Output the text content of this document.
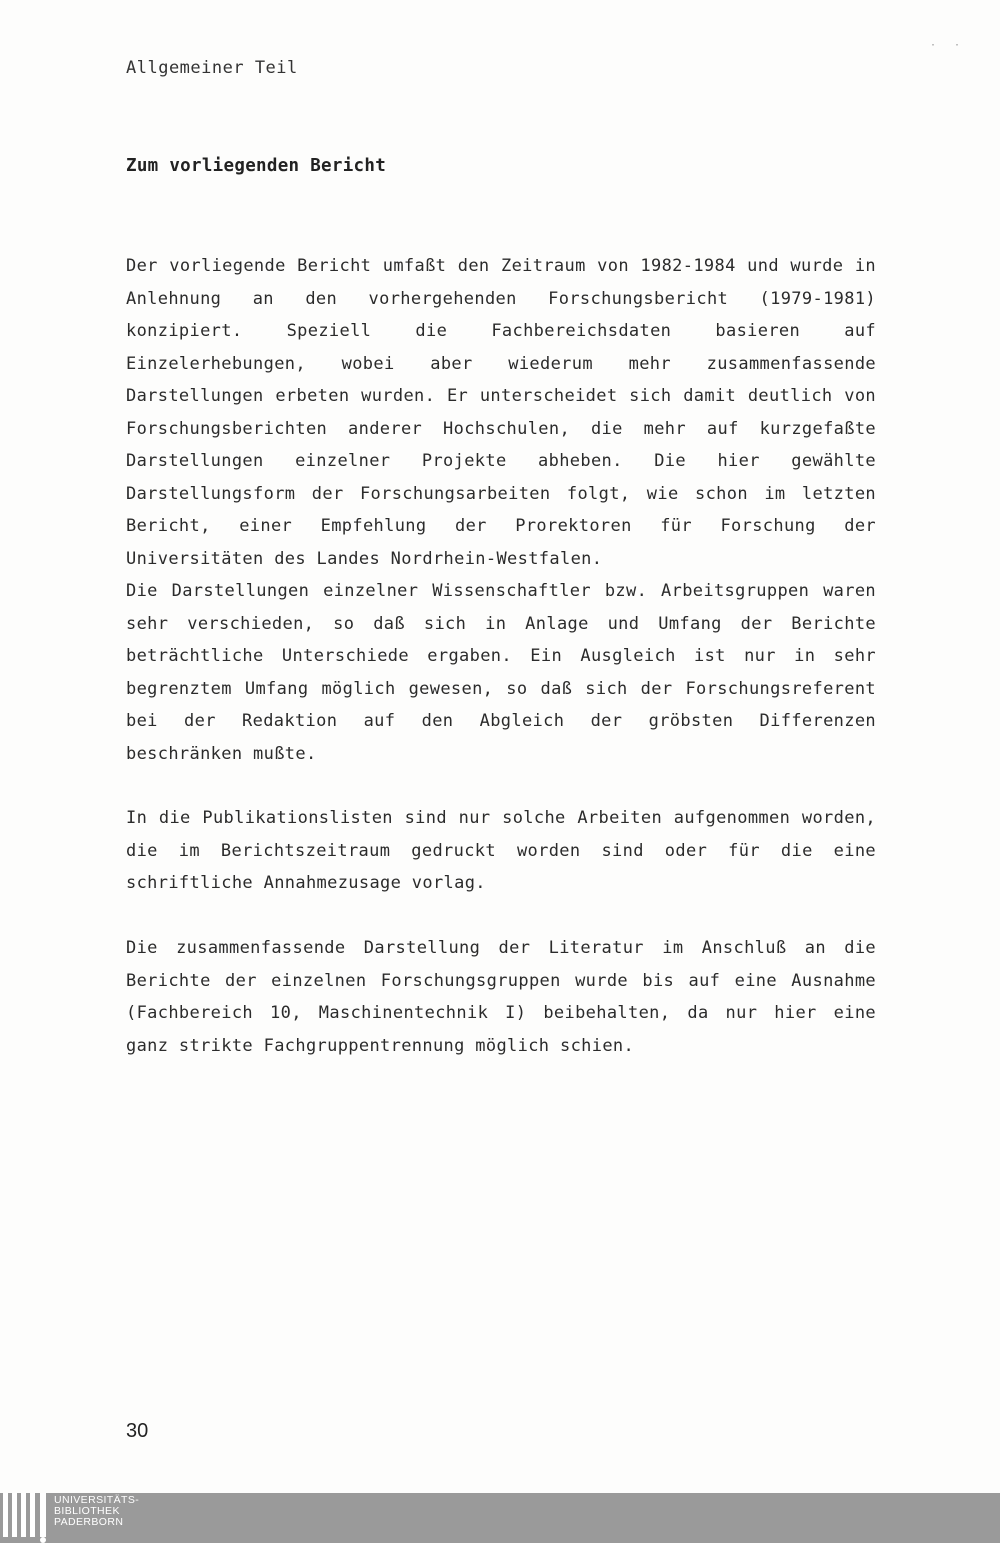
Allgemeiner Teil
· ·
Zum vorliegenden Bericht

Der vorliegende Bericht umfaßt den Zeitraum von 1982-1984 und wurde in Anlehnung an den vorhergehenden Forschungsbericht (1979-1981) konzipiert. Speziell die Fachbereichsdaten basieren auf Einzelerhebungen, wobei aber wiederum mehr zusammenfassende Darstellungen erbeten wurden. Er unterscheidet sich damit deutlich von Forschungsberichten anderer Hochschulen, die mehr auf kurzgefaßte Darstellungen einzelner Projekte abheben. Die hier gewählte Darstellungsform der Forschungsarbeiten folgt, wie schon im letzten Bericht, einer Empfehlung der Prorektoren für Forschung der Universitäten des Landes Nordrhein-Westfalen.

Die Darstellungen einzelner Wissenschaftler bzw. Arbeitsgruppen waren sehr verschieden, so daß sich in Anlage und Umfang der Berichte beträchtliche Unterschiede ergaben. Ein Ausgleich ist nur in sehr begrenztem Umfang möglich gewesen, so daß sich der Forschungsreferent bei der Redaktion auf den Abgleich der gröbsten Differenzen beschränken mußte.

In die Publikationslisten sind nur solche Arbeiten aufgenommen worden, die im Berichtszeitraum gedruckt worden sind oder für die eine schriftliche Annahmezusage vorlag.

Die zusammenfassende Darstellung der Literatur im Anschluß an die Berichte der einzelnen Forschungsgruppen wurde bis auf eine Ausnahme (Fachbereich 10, Maschinentechnik I) beibehalten, da nur hier eine ganz strikte Fachgruppentrennung möglich schien.

30
UNIVERSITÄTS-
BIBLIOTHEK
PADERBORN
